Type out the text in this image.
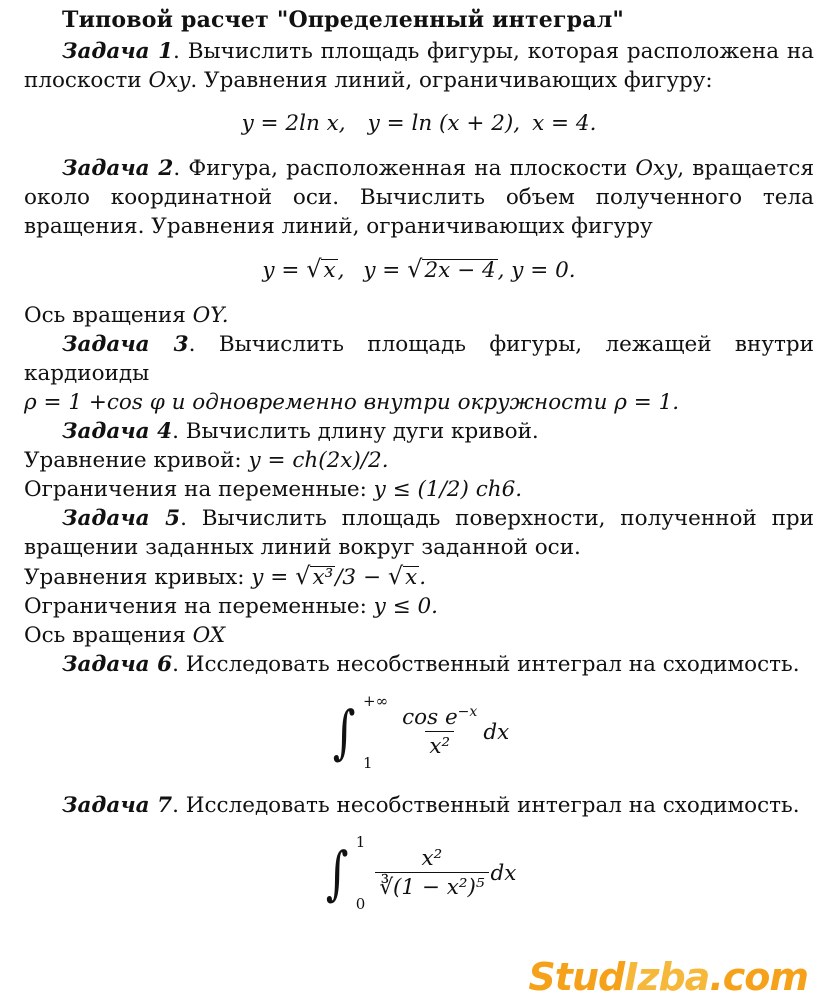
Типовой расчет "Определенный интеграл"

Задача 1. Вычислить площадь фигуры, которая расположена на плоскости Oxy. Уравнения линий, ограничивающих фигуру:

y = 2ln x, y = ln (x + 2), x = 4.

Задача 2. Фигура, расположенная на плоскости Oxy, вращается около координатной оси. Вычислить объем полученного тела вращения. Уравнения линий, ограничивающих фигуру

y = √x, y = √2x − 4, y = 0.

Ось вращения OY.

Задача 3. Вычислить площадь фигуры, лежащей внутри кардиоиды

ρ = 1 +cos φ и одновременно внутри окружности ρ = 1.

Задача 4. Вычислить длину дуги кривой.

Уравнение кривой: y = ch(2x)/2.

Ограничения на переменные: y ≤ (1/2) ch6.

Задача 5. Вычислить площадь поверхности, полученной при вращении заданных линий вокруг заданной оси.

Уравнения кривых: y = √x³/3 − √x.

Ограничения на переменные: y ≤ 0.

Ось вращения OX

Задача 6. Исследовать несобственный интеграл на сходимость.

∫ +∞
1
$\frac{\cos e^{-x}}{\text{x²}}$ dx

Задача 7. Исследовать несобственный интеграл на сходимость.

∫ 1
0
$\frac{\text{x²}}{\text{∛(1 − x²)⁵}}$ dx
StudIzba.com
